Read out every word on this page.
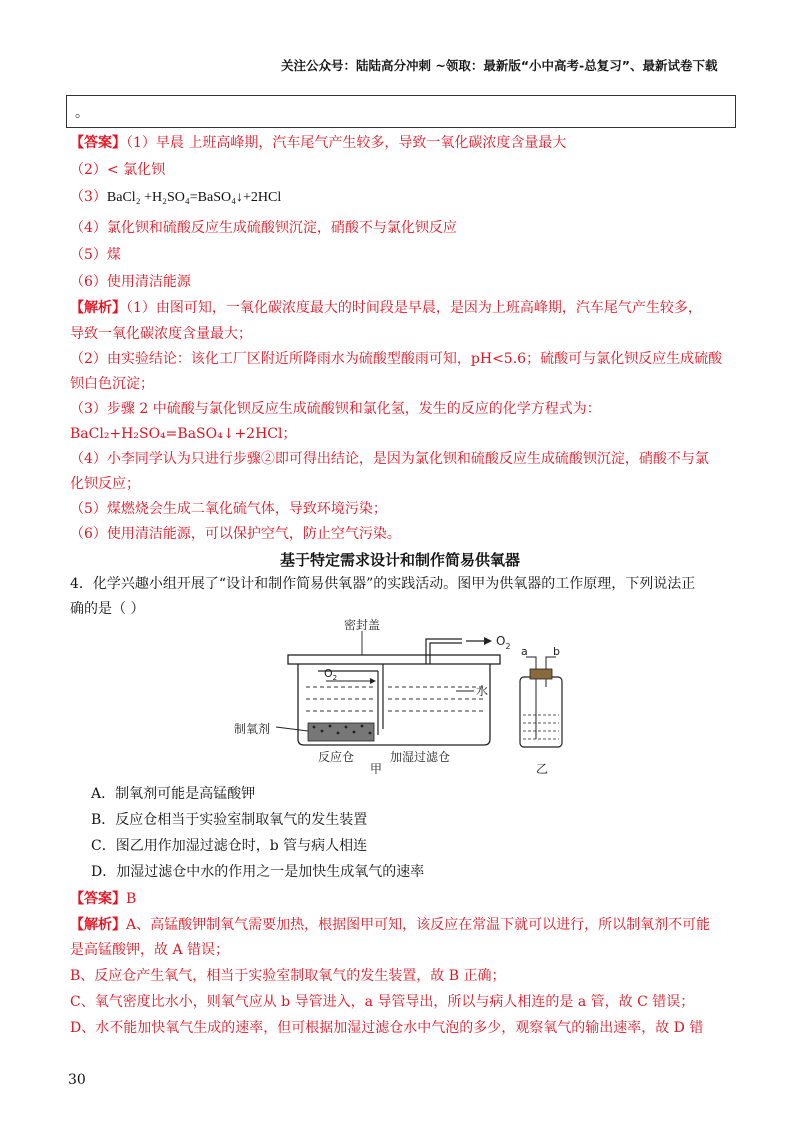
关注公众号：陆陆高分冲刺 ~领取：最新版“小中高考-总复习”、最新试卷下载
。
【答案】（1）早晨 上班高峰期，汽车尾气产生较多，导致一氧化碳浓度含量最大
（2）< 氯化钡
（3）BaCl₂ +H₂SO₄=BaSO₄↓+2HCl
（4）氯化钡和硫酸反应生成硫酸钡沉淀，硝酸不与氯化钡反应
（5）煤
（6）使用清洁能源
【解析】（1）由图可知，一氧化碳浓度最大的时间段是早晨，是因为上班高峰期，汽车尾气产生较多，
导致一氧化碳浓度含量最大；
（2）由实验结论：该化工厂区附近所降雨水为硫酸型酸雨可知，pH<5.6；硫酸可与氯化钡反应生成硫酸
钡白色沉淀；
（3）步骤 2 中硫酸与氯化钡反应生成硫酸钡和氯化氢，发生的反应的化学方程式为：
BaCl₂+H₂SO₄=BaSO₄↓+2HCl；
（4）小李同学认为只进行步骤②即可得出结论，是因为氯化钡和硫酸反应生成硫酸钡沉淀，硝酸不与氯
化钡反应；
（5）煤燃烧会生成二氧化硫气体，导致环境污染；
（6）使用清洁能源，可以保护空气，防止空气污染。
基于特定需求设计和制作简易供氧器
4．化学兴趣小组开展了“设计和制作简易供氧器”的实践活动。图甲为供氧器的工作原理，下列说法正
确的是（ ）
密封盖
$O_2$
$O_2$
水
制氧剂
反应仓	加湿过滤仓
甲
a b
乙
A．制氧剂可能是高锰酸钾
B．反应仓相当于实验室制取氧气的发生装置
C．图乙用作加湿过滤仓时，b 管与病人相连
D．加湿过滤仓中水的作用之一是加快生成氧气的速率
【答案】B
【解析】A、高锰酸钾制氧气需要加热，根据图甲可知，该反应在常温下就可以进行，所以制氧剂不可能
是高锰酸钾，故 A 错误；
B、反应仓产生氧气，相当于实验室制取氧气的发生装置，故 B 正确；
C、氧气密度比水小，则氧气应从 b 导管进入，a 导管导出，所以与病人相连的是 a 管，故 C 错误；
D、水不能加快氧气生成的速率，但可根据加湿过滤仓水中气泡的多少，观察氧气的输出速率，故 D 错
30
